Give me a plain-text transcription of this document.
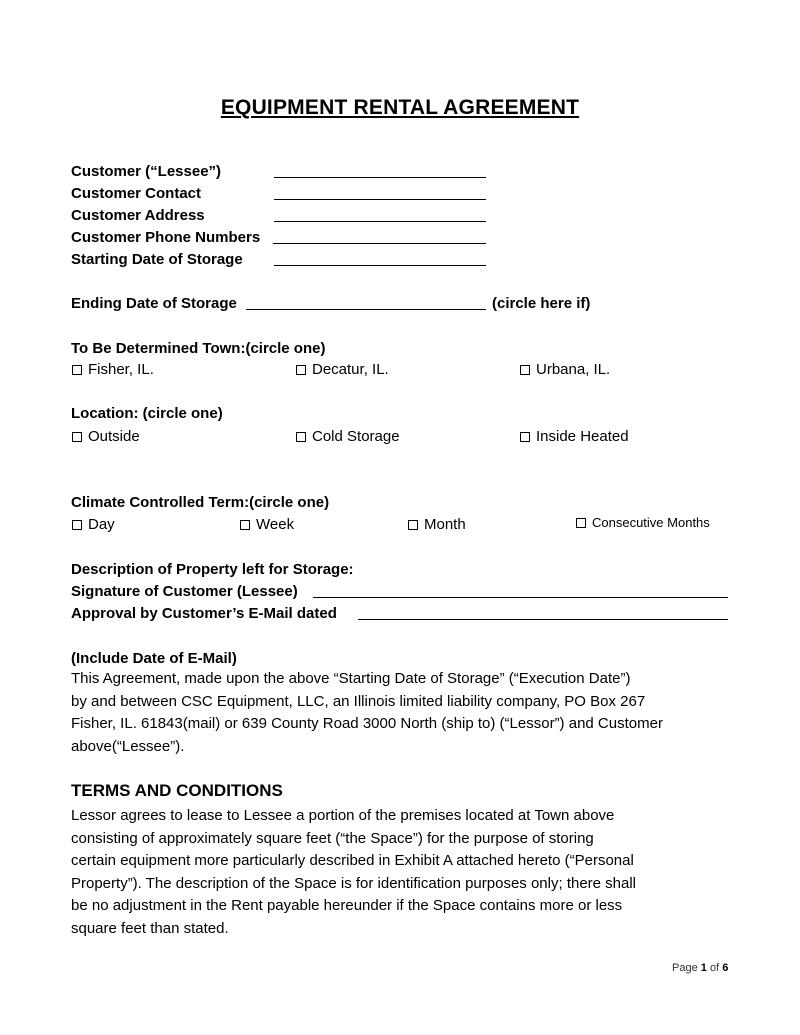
EQUIPMENT RENTAL AGREEMENT
Customer (“Lessee”)
Customer Contact
Customer Address
Customer Phone Numbers
Starting Date of Storage
Ending Date of Storage	(circle here if)
To Be Determined Town:(circle one)
Fisher, IL.	Decatur, IL.	Urbana, IL.
Location: (circle one)
Outside	Cold Storage	Inside Heated
Climate Controlled Term:(circle one)
Day	Week	Month	Consecutive Months
Description of Property left for Storage:
Signature of Customer (Lessee)
Approval by Customer’s E-Mail dated
(Include Date of E-Mail)
This Agreement, made upon the above “Starting Date of Storage” (“Execution Date”)
by and between CSC Equipment, LLC, an Illinois limited liability company, PO Box 267
Fisher, IL. 61843(mail) or 639 County Road 3000 North (ship to) (“Lessor”) and Customer
above(“Lessee”).
TERMS AND CONDITIONS
Lessor agrees to lease to Lessee a portion of the premises located at Town above
consisting of approximately square feet (“the Space”) for the purpose of storing
certain equipment more particularly described in Exhibit A attached hereto (“Personal
Property”). The description of the Space is for identification purposes only; there shall
be no adjustment in the Rent payable hereunder if the Space contains more or less
square feet than stated.
Page 1 of 6
